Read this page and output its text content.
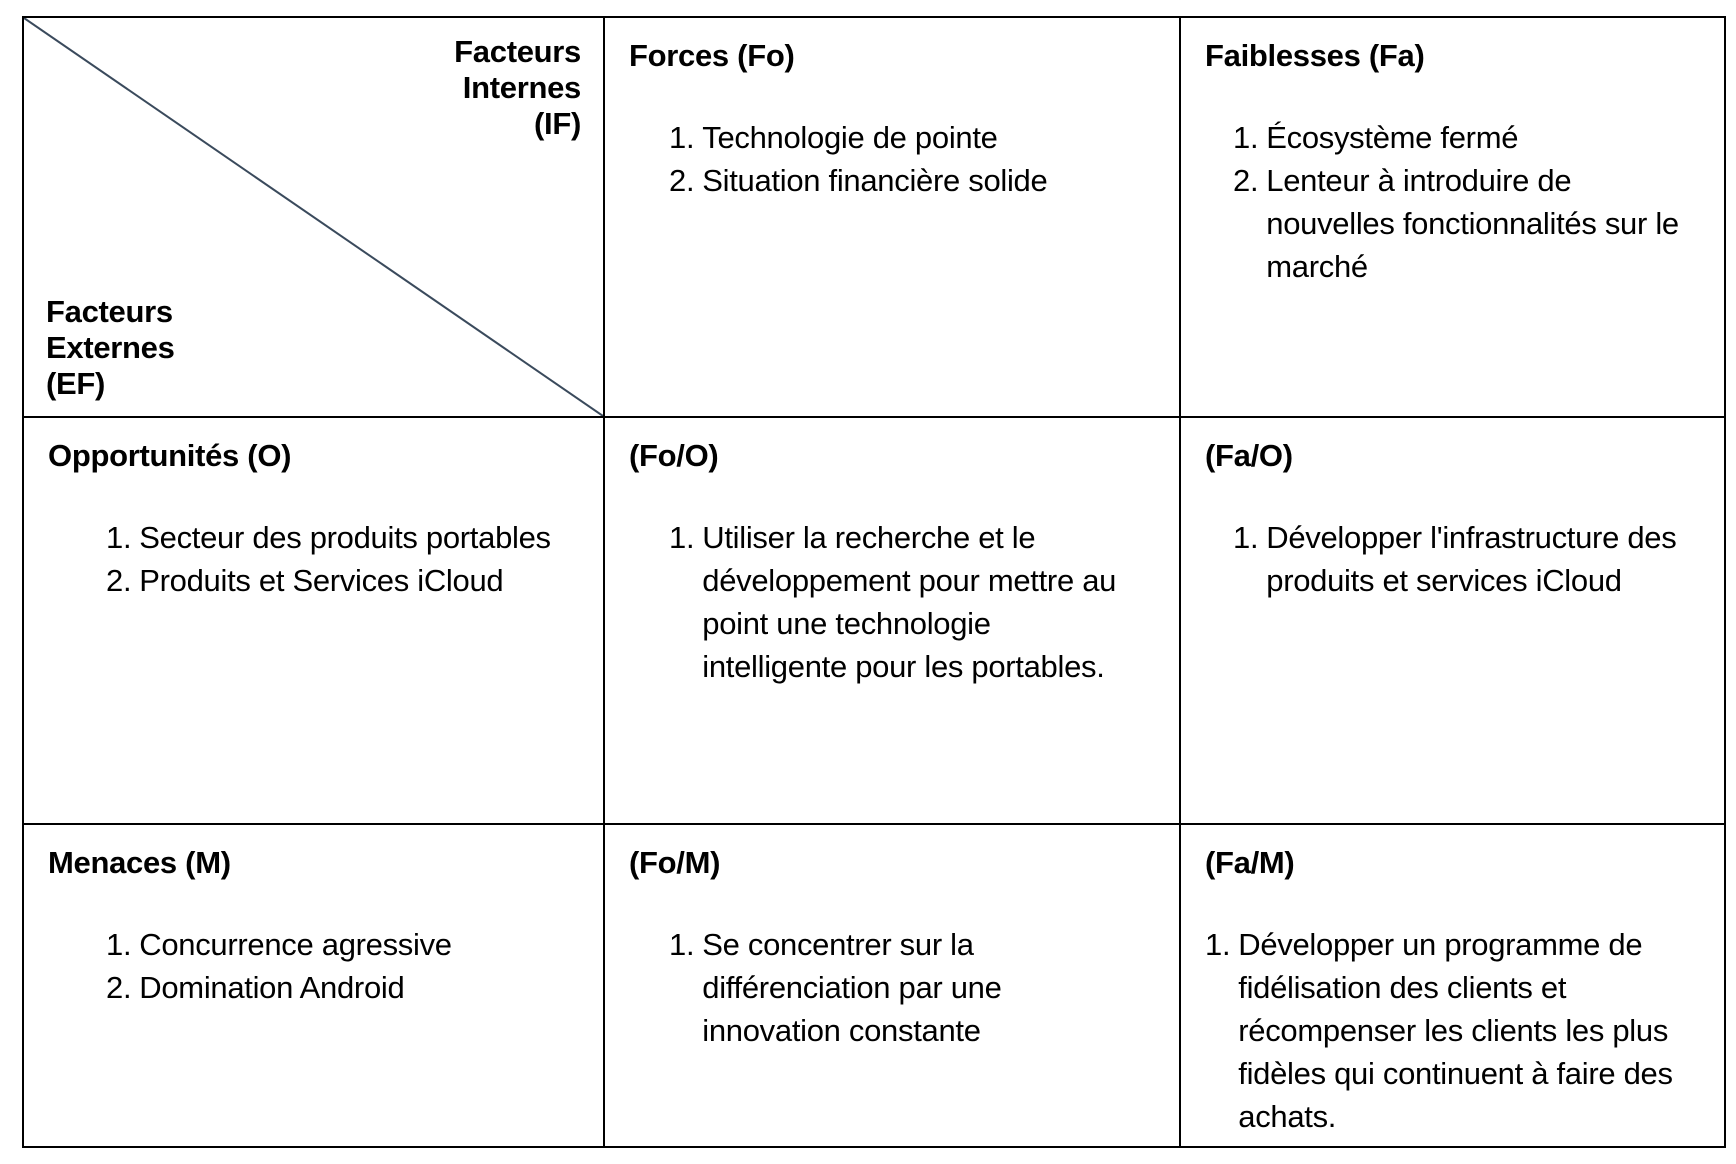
Facteurs Internes (IF)
Facteurs Externes (EF)

Forces (Fo)

1. Technologie de pointe
2. Situation financière solide

Faiblesses (Fa)

1. Écosystème fermé
2. Lenteur à introduire de nouvelles fonctionnalités sur le marché

Opportunités (O)

1. Secteur des produits portables
2. Produits et Services iCloud

(Fo/O)

1. Utiliser la recherche et le développement pour mettre au point une technologie intelligente pour les portables.

(Fa/O)

1. Développer l'infrastructure des produits et services iCloud

Menaces (M)

1. Concurrence agressive
2. Domination Android

(Fo/M)

1. Se concentrer sur la différenciation par une innovation constante

(Fa/M)

1. Développer un programme de fidélisation des clients et récompenser les clients les plus fidèles qui continuent à faire des achats.
